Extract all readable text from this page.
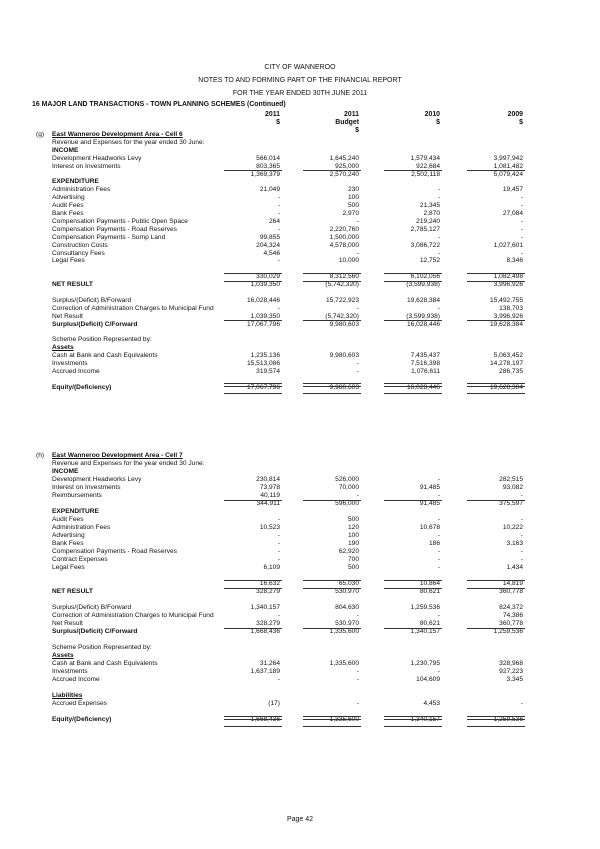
CITY OF WANNEROO
NOTES TO AND FORMING PART OF THE FINANCIAL REPORT
FOR THE YEAR ENDED 30TH JUNE 2011
16 MAJOR LAND TRANSACTIONS - TOWN PLANNING SCHEMES (Continued)
2011	2011	2010	2009
$	Budget	$	$
$
(g) East Wanneroo Development Area - Cell 6
Revenue and Expenses for the year ended 30 June:
INCOME
Development Headworks Levy	566,014	1,645,240	1,579,434	3,997,942
Interest on Investments	803,365	925,000	922,684	1,081,482
1,369,379	2,570,240	2,502,118	5,079,424
EXPENDITURE
Administration Fees	21,049	230	-	19,457
Advertising	-	100	-	-
Audit Fees	-	500	21,345	-
Bank Fees	-	2,970	2,870	27,084
Compensation Payments - Public Open Space	264	-	219,240	-
Compensation Payments - Road Reserves	-	2,220,760	2,785,127	-
Compensation Payments - Sump Land	99,855	1,500,000	-	-
Construction Costs	204,324	4,578,000	3,086,722	1,027,601
Consultancy Fees	4,546	-	-	-
Legal Fees	-	10,000	12,752	8,346
330,029	8,312,560	6,102,056	1,082,498
NET RESULT	1,039,350	(5,742,320)	(3,599,938)	3,996,926
Surplus/(Deficit) B/Forward	16,028,446	15,722,923	19,628,384	15,492,755
Correction of Administration Charges to Municipal Fund	-	-	-	138,703
Net Result	1,039,350	(5,742,320)	(3,599,938)	3,996,926
Surplus/(Deficit) C/Forward	17,067,796	9,980,603	16,028,446	19,628,384
Scheme Position Represented by:
Assets
Cash at Bank and Cash Equivalents	1,235,136	9,980,603	7,435,437	5,063,452
Investments	15,513,086	-	7,516,398	14,278,197
Accrued Income	319,574	-	1,076,611	286,735
Equity/(Deficiency)	17,067,796	9,980,603	16,028,446	19,628,384
(h) East Wanneroo Development Area - Cell 7
Revenue and Expenses for the year ended 30 June:
INCOME
Development Headworks Levy	230,814	526,000	-	282,515
Interest on Investments	73,978	70,000	91,485	93,082
Reimbursements	40,119	-	-	-
344,911	596,000	91,485	375,597
EXPENDITURE
Audit Fees	-	500	-	-
Administration Fees	10,523	120	10,678	10,222
Advertising	-	100	-	-
Bank Fees	-	190	186	3,163
Compensation Payments - Road Reserves	-	62,920	-	-
Contract Expenses	-	700	-	-
Legal Fees	6,109	500	-	1,434
16,632	65,030	10,864	14,819
NET RESULT	328,279	530,970	80,621	360,778
Surplus/(Deficit) B/Forward	1,340,157	804,630	1,259,536	824,372
Correction of Administration Charges to Municipal Fund	-	-	-	74,386
Net Result	328,279	530,970	80,621	360,778
Surplus/(Deficit) C/Forward	1,668,436	1,335,600	1,340,157	1,259,536
Scheme Position Represented by:
Assets
Cash at Bank and Cash Equivalents	31,264	1,335,600	1,230,795	328,968
Investments	1,637,189	-	-	927,223
Accrued Income	-	-	104,609	3,345
Liabilities
Accrued Expenses	(17)	-	4,453	-
Equity/(Deficiency)	1,668,436	1,335,600	1,340,157	1,259,536
Page 42
